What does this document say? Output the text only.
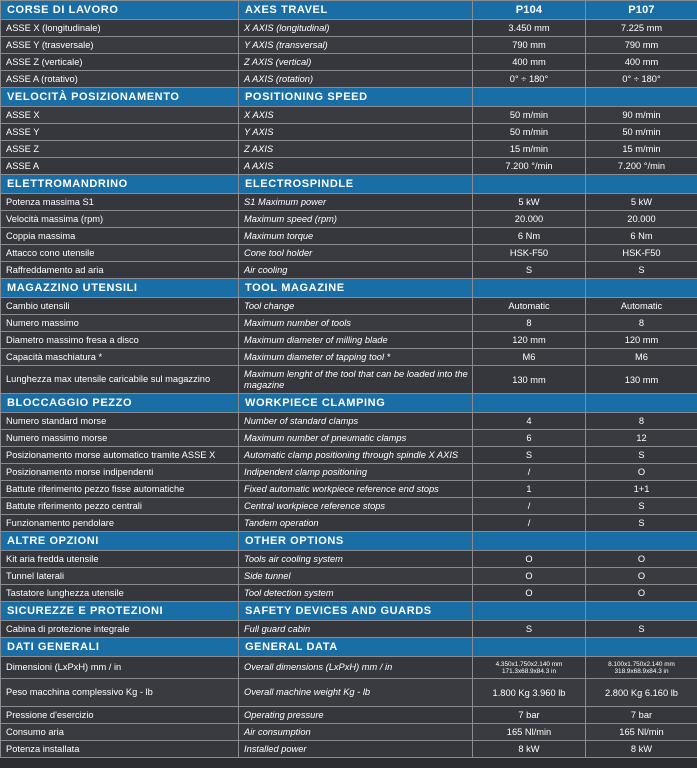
CORSE DI LAVORO	AXES TRAVEL	P104	P107
ASSE X (longitudinale)	X AXIS (longitudinal)	3.450 mm	7.225 mm
ASSE Y (trasversale)	Y AXIS (transversal)	790 mm	790 mm
ASSE Z (verticale)	Z AXIS (vertical)	400 mm	400 mm
ASSE A (rotativo)	A AXIS (rotation)	0° ÷ 180°	0° ÷ 180°
VELOCITÀ POSIZIONAMENTO	POSITIONING SPEED		
ASSE X	X AXIS	50 m/min	90 m/min
ASSE Y	Y AXIS	50 m/min	50 m/min
ASSE Z	Z AXIS	15 m/min	15 m/min
ASSE A	A AXIS	7.200 °/min	7.200 °/min
ELETTROMANDRINO	ELECTROSPINDLE		
Potenza massima S1	S1 Maximum power	5 kW	5 kW
Velocità massima (rpm)	Maximum speed (rpm)	20.000	20.000
Coppia massima	Maximum torque	6 Nm	6 Nm
Attacco cono utensile	Cone tool holder	HSK-F50	HSK-F50
Raffreddamento ad aria	Air cooling	S	S
MAGAZZINO UTENSILI	TOOL MAGAZINE		
Cambio utensili	Tool change	Automatic	Automatic
Numero massimo	Maximum number of tools	8	8
Diametro massimo fresa a disco	Maximum diameter of milling blade	120 mm	120 mm
Capacità maschiatura *	Maximum diameter of tapping tool *	M6	M6
Lunghezza max utensile caricabile sul magazzino	Maximum lenght of the tool that can be loaded into the magazine	130 mm	130 mm
BLOCCAGGIO PEZZO	WORKPIECE CLAMPING		
Numero standard morse	Number of standard clamps	4	8
Numero massimo morse	Maximum number of pneumatic clamps	6	12
Posizionamento morse automatico tramite ASSE X	Automatic clamp positioning through spindle X AXIS	S	S
Posizionamento morse indipendenti	Indipendent clamp positioning	/	O
Battute riferimento pezzo fisse automatiche	Fixed automatic workpiece reference end stops	1	1+1
Battute riferimento pezzo centrali	Central workpiece reference stops	/	S
Funzionamento pendolare	Tandem operation	/	S
ALTRE OPZIONI	OTHER OPTIONS		
Kit aria fredda utensile	Tools air cooling system	O	O
Tunnel laterali	Side tunnel	O	O
Tastatore lunghezza utensile	Tool detection system	O	O
SICUREZZE E PROTEZIONI	SAFETY DEVICES AND GUARDS		
Cabina di protezione integrale	Full guard cabin	S	S
DATI GENERALI	GENERAL DATA		
Dimensioni (LxPxH) mm / in	Overall dimensions (LxPxH) mm / in	4.350x1.750x2.140 mm 171.3x68.9x84.3 in	8.100x1.750x2.140 mm 318.9x68.9x84.3 in
Peso macchina complessivo Kg - lb	Overall machine weight Kg - lb	1.800 Kg 3.960 lb	2.800 Kg 6.160 lb
Pressione d'esercizio	Operating pressure	7 bar	7 bar
Consumo aria	Air consumption	165 Nl/min	165 Nl/min
Potenza installata	Installed power	8 kW	8 kW
